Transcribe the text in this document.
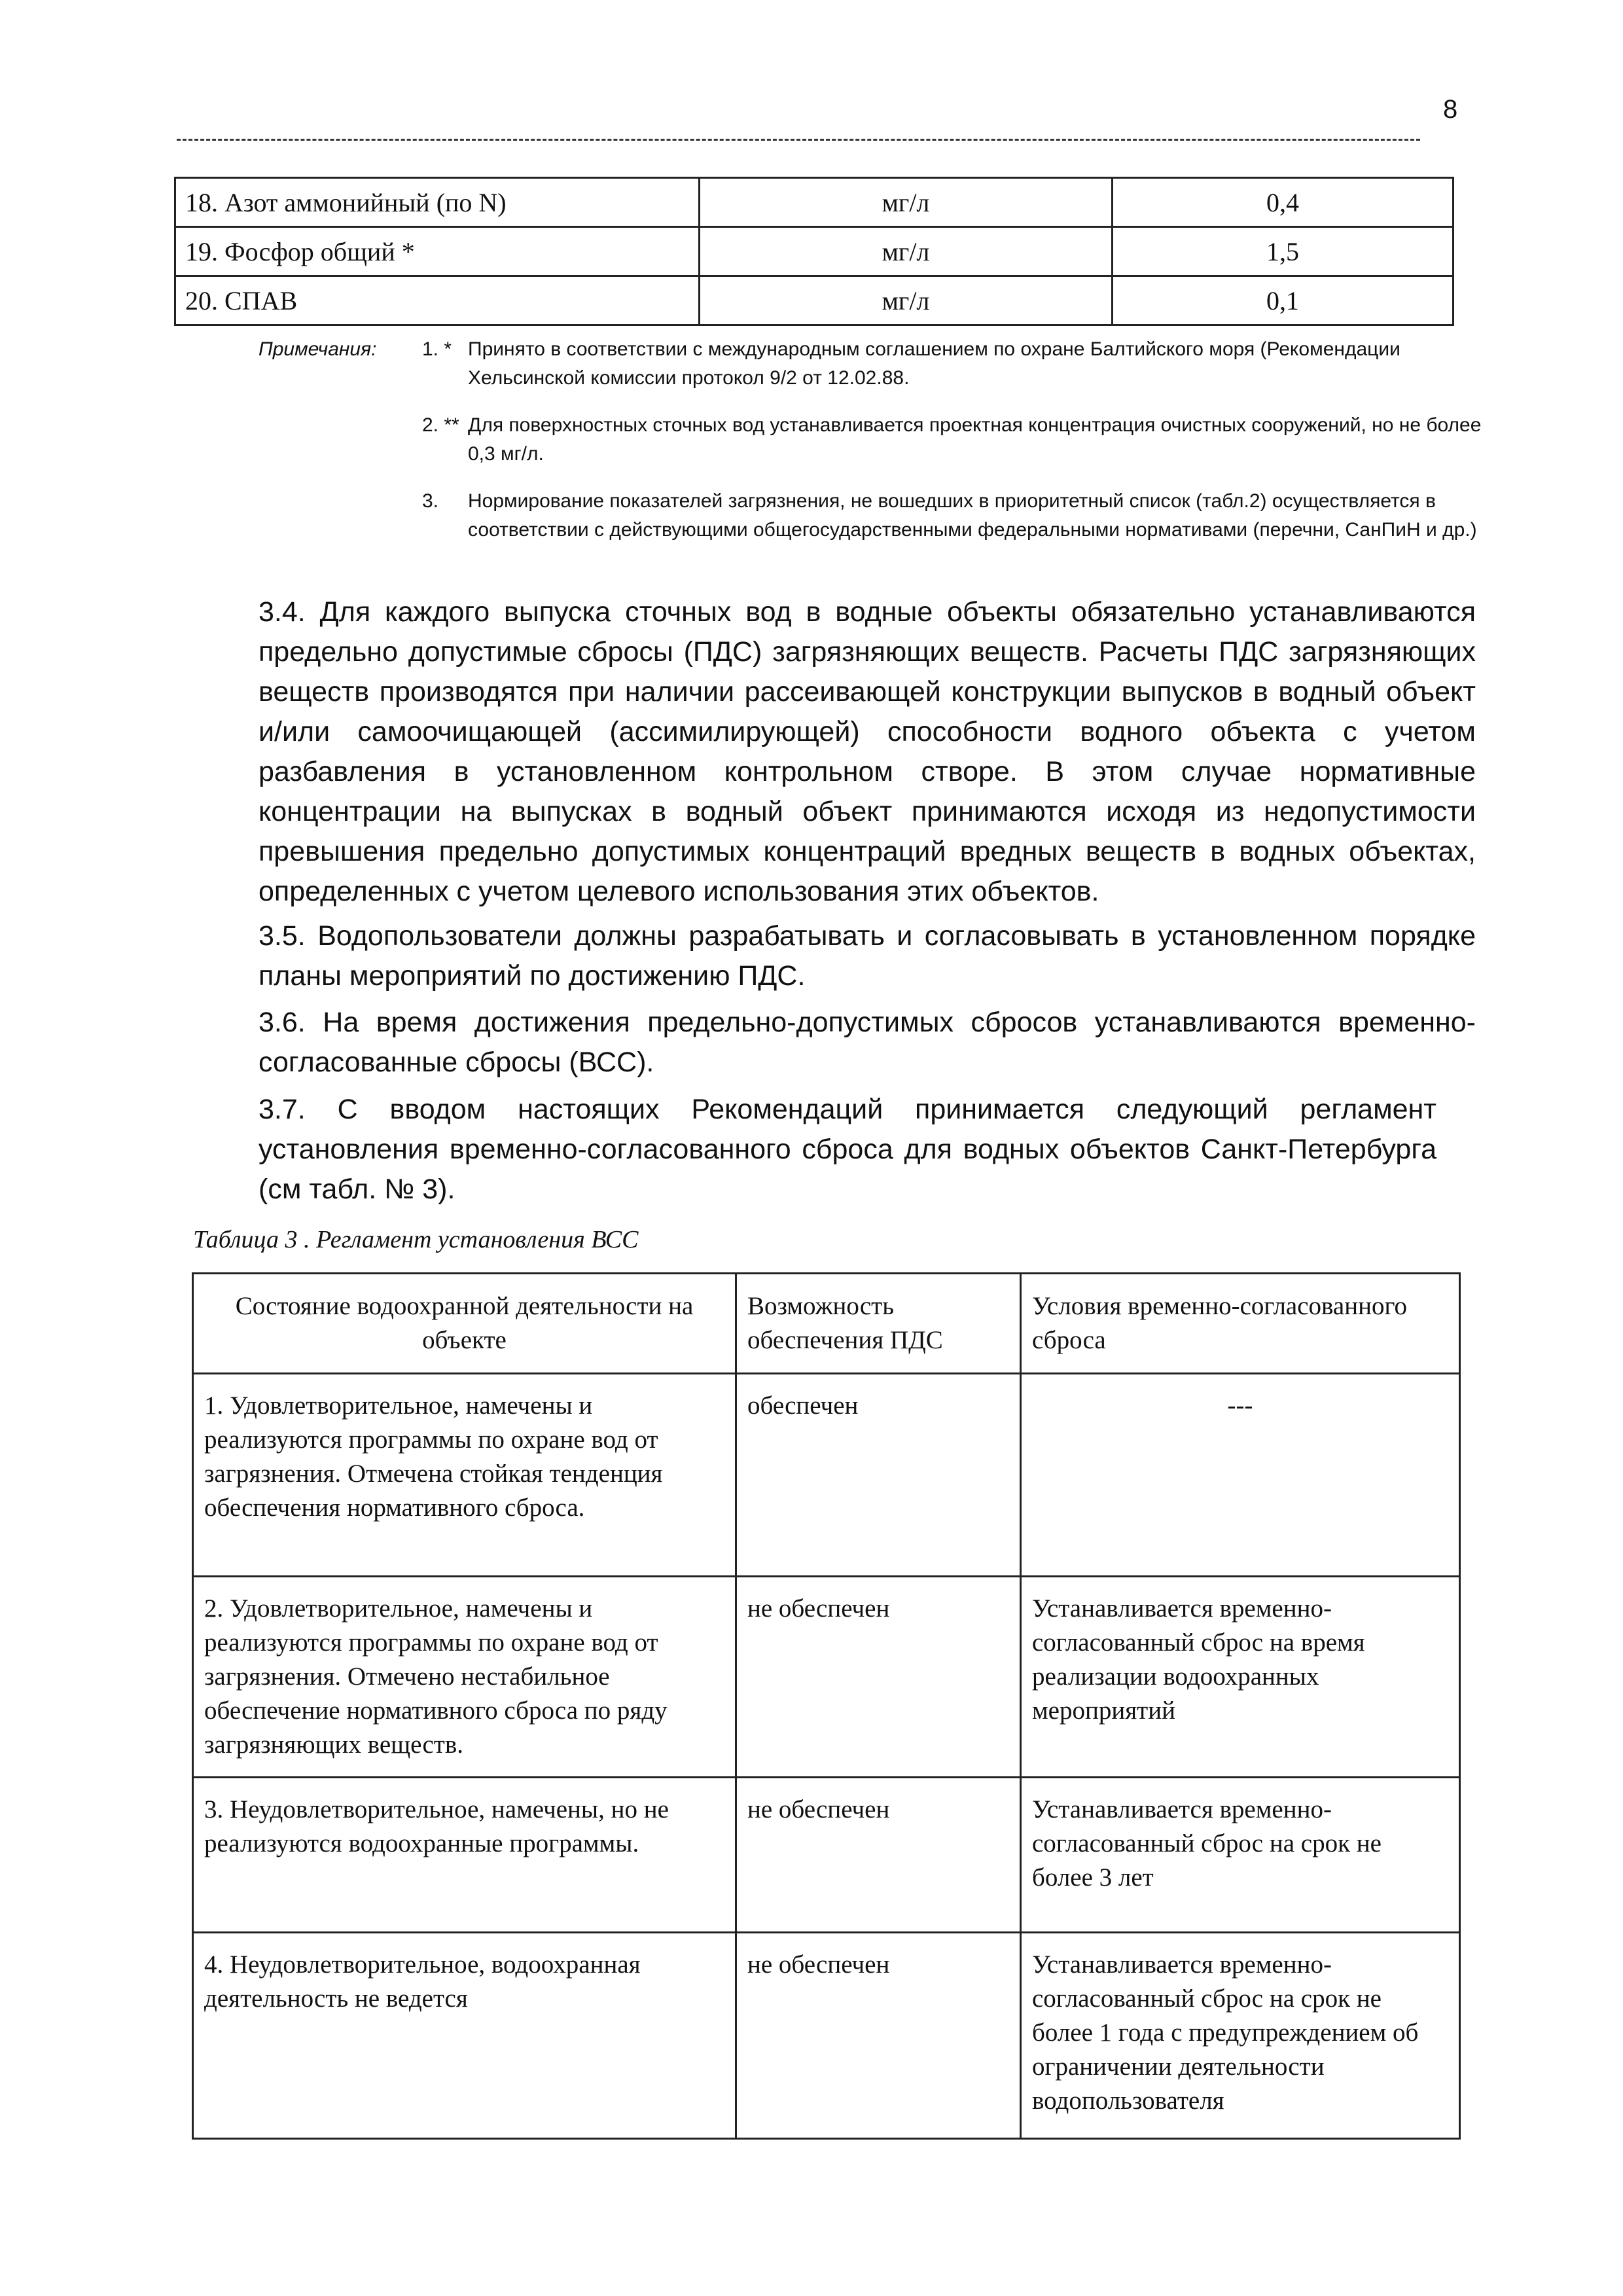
8
18. Азот аммонийный (по N)	мг/л	0,4
19. Фосфор общий *	мг/л	1,5
20. СПАВ	мг/л	0,1
Примечания:	1. * Принято в соответствии с международным соглашением по охране Балтийского моря (Рекомендации Хельсинской комиссии протокол 9/2 от 12.02.88.
2. ** Для поверхностных сточных вод устанавливается проектная концентрация очистных сооружений, но не более 0,3 мг/л.
3.	Нормирование показателей загрязнения, не вошедших в приоритетный список (табл.2) осуществляется в соответствии с действующими общегосударственными федеральными нормативами (перечни, СанПиН и др.)
3.4. Для каждого выпуска сточных вод в водные объекты обязательно устанавливаются предельно допустимые сбросы (ПДС) загрязняющих веществ. Расчеты ПДС загрязняющих веществ производятся при наличии рассеивающей конструкции выпусков в водный объект и/или самоочищающей (ассимилирующей) способности водного объекта с учетом разбавления в установленном контрольном створе. В этом случае нормативные концентрации на выпусках в водный объект принимаются исходя из недопустимости превышения предельно допустимых концентраций вредных веществ в водных объектах, определенных с учетом целевого использования этих объектов.
3.5. Водопользователи должны разрабатывать и согласовывать в установленном порядке планы мероприятий по достижению ПДС.
3.6. На время достижения предельно-допустимых сбросов устанавливаются временно-согласованные сбросы (ВСС).
3.7. С вводом настоящих Рекомендаций принимается следующий регламент установления временно-согласованного сброса для водных объектов Санкт-Петербурга (см табл. № 3).
Таблица 3 . Регламент установления ВСС
Состояние водоохранной деятельности на объекте	Возможность обеспечения ПДС	Условия временно-согласованного сброса
1. Удовлетворительное, намечены и реализуются программы по охране вод от загрязнения. Отмечена стойкая тенденция обеспечения нормативного сброса.	обеспечен	---
2. Удовлетворительное, намечены и реализуются программы по охране вод от загрязнения. Отмечено нестабильное обеспечение нормативного сброса по ряду загрязняющих веществ.	не обеспечен	Устанавливается временно-согласованный сброс на время реализации водоохранных мероприятий
3. Неудовлетворительное, намечены, но не реализуются водоохранные программы.	не обеспечен	Устанавливается временно-согласованный сброс на срок не более 3 лет
4. Неудовлетворительное, водоохранная деятельность не ведется	не обеспечен	Устанавливается временно-согласованный сброс на срок не более 1 года с предупреждением об ограничении деятельности водопользователя
